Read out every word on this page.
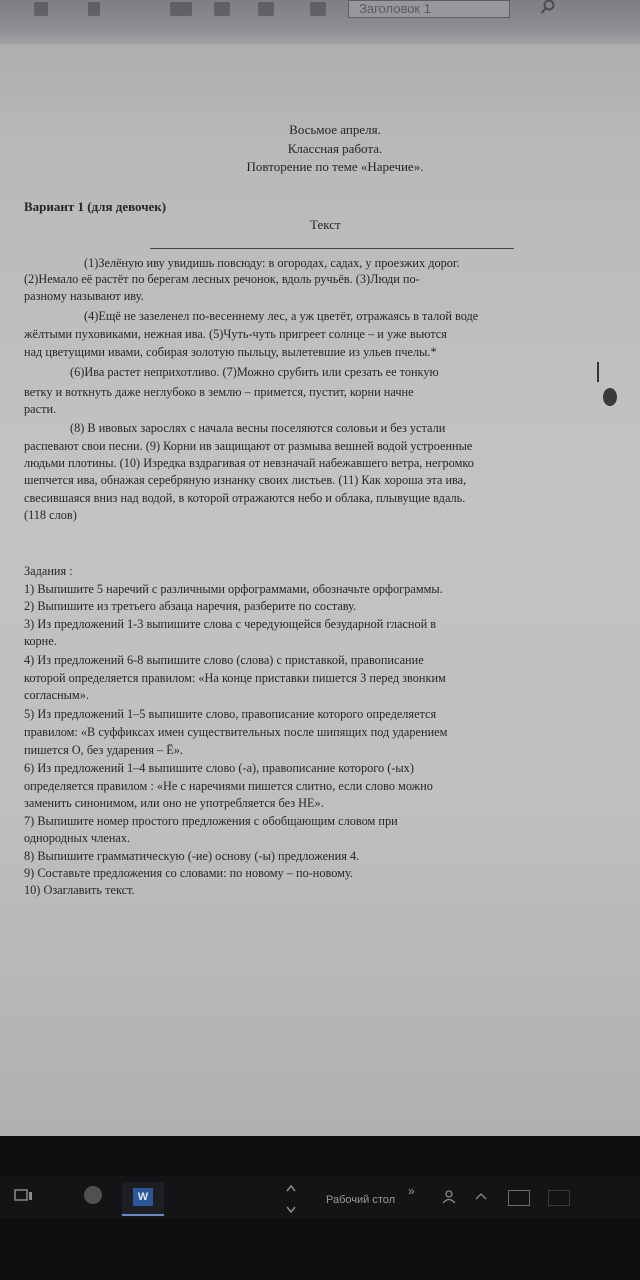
Заголовок 1
Восьмое апреля.
Классная работа.
Повторение по теме «Наречие».
Вариант 1 (для девочек)
Текст
(1)Зелёную иву увидишь повсюду: в огородах, садах, у проезжих дорог.
(2)Немало её растёт по берегам лесных речонок, вдоль ручьёв. (3)Люди по-
разному называют иву.
(4)Ещё не зазеленел по-весеннему лес, а уж цветёт, отражаясь в талой воде
жёлтыми пуховиками, нежная ива. (5)Чуть-чуть пригреет солнце – и уже вьются
над цветущими ивами, собирая золотую пыльцу, вылетевшие из ульев пчелы.*
(6)Ива растет неприхотливо. (7)Можно срубить или срезать ее тонкую
ветку и воткнуть даже неглубоко в землю – примется, пустит, корни начне
расти.
(8) В ивовых зарослях с начала весны поселяются соловьи и без устали
распевают свои песни. (9) Корни ив защищают от размыва вешней водой устроенные
людьми плотины. (10) Изредка вздрагивая от невзначай набежавшего ветра, негромко
шепчется ива, обнажая серебряную изнанку своих листьев. (11) Как хороша эта ива,
свесившаяся вниз над водой, в которой отражаются небо и облака, плывущие вдаль.
(118 слов)
Задания :
1) Выпишите 5 наречий с различными орфограммами, обозначьте орфограммы.
2) Выпишите из третьего абзаца наречия, разберите по составу.
3) Из предложений 1-3 выпишите слова с чередующейся безударной гласной в
корне.
4) Из предложений 6-8 выпишите слово (слова) с приставкой, правописание
которой определяется правилом: «На конце приставки пишется З перед звонким
согласным».
5) Из предложений 1–5 выпишите слово, правописание которого определяется
правилом: «В суффиксах имен существительных после шипящих под ударением
пишется О, без ударения – Ё».
6) Из предложений 1–4 выпишите слово (-а), правописание которого (-ых)
определяется правилом : «Не с наречиями пишется слитно, если слово можно
заменить синонимом, или оно не употребляется без НЕ».
7) Выпишите номер простого предложения с обобщающим словом при
однородных членах.
8) Выпишите грамматическую (-ие) основу (-ы) предложения 4.
9) Составьте предложения со словами: по новому – по-новому.
10) Озаглавить текст.
W	Рабочий стол
»
